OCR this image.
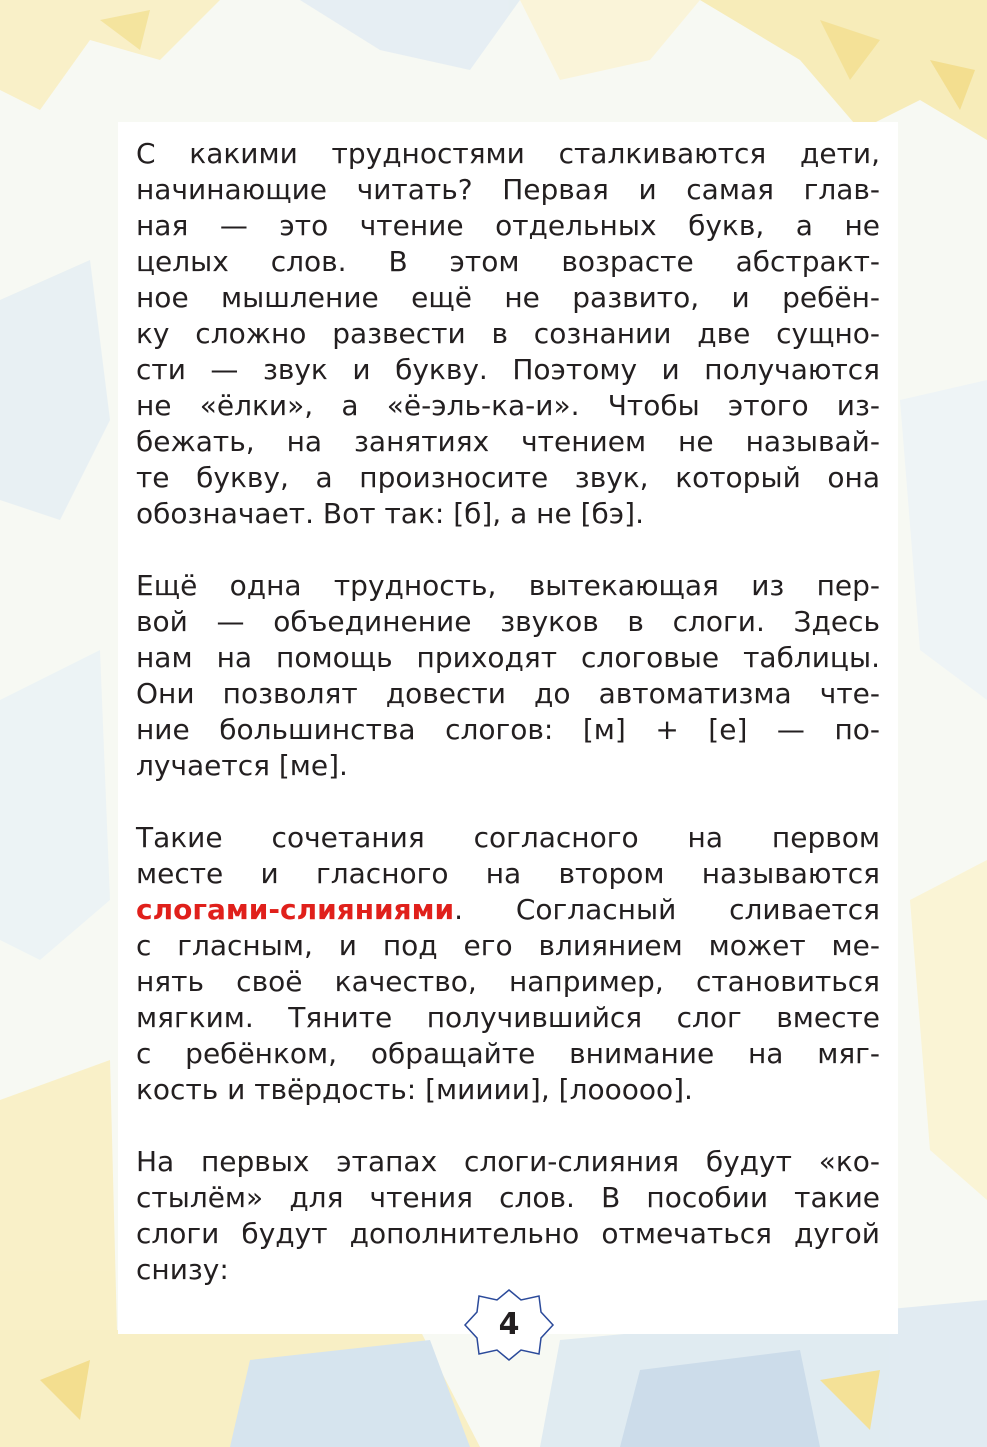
С какими трудностями сталкиваются дети,
начинающие читать? Первая и самая глав-
ная — это чтение отдельных букв, а не
целых слов. В этом возрасте абстракт-
ное мышление ещё не развито, и ребён-
ку сложно развести в сознании две сущно-
сти — звук и букву. Поэтому и получаются
не «ёлки», а «ё-эль-ка-и». Чтобы этого из-
бежать, на занятиях чтением не называй-
те букву, а произносите звук, который она
обозначает. Вот так: [б], а не [бэ].
Ещё одна трудность, вытекающая из пер-
вой — объединение звуков в слоги. Здесь
нам на помощь приходят слоговые таблицы.
Они позволят довести до автоматизма чте-
ние большинства слогов: [м] + [е] — по-
лучается [ме].
Такие сочетания согласного на первом
месте и гласного на втором называются
слогами-слияниями. Согласный сливается
с гласным, и под его влиянием может ме-
нять своё качество, например, становиться
мягким. Тяните получившийся слог вместе
с ребёнком, обращайте внимание на мяг-
кость и твёрдость: [мииии], [лооооо].
На первых этапах слоги-слияния будут «ко-
стылём» для чтения слов. В пособии такие
слоги будут дополнительно отмечаться дугой
снизу:
4
